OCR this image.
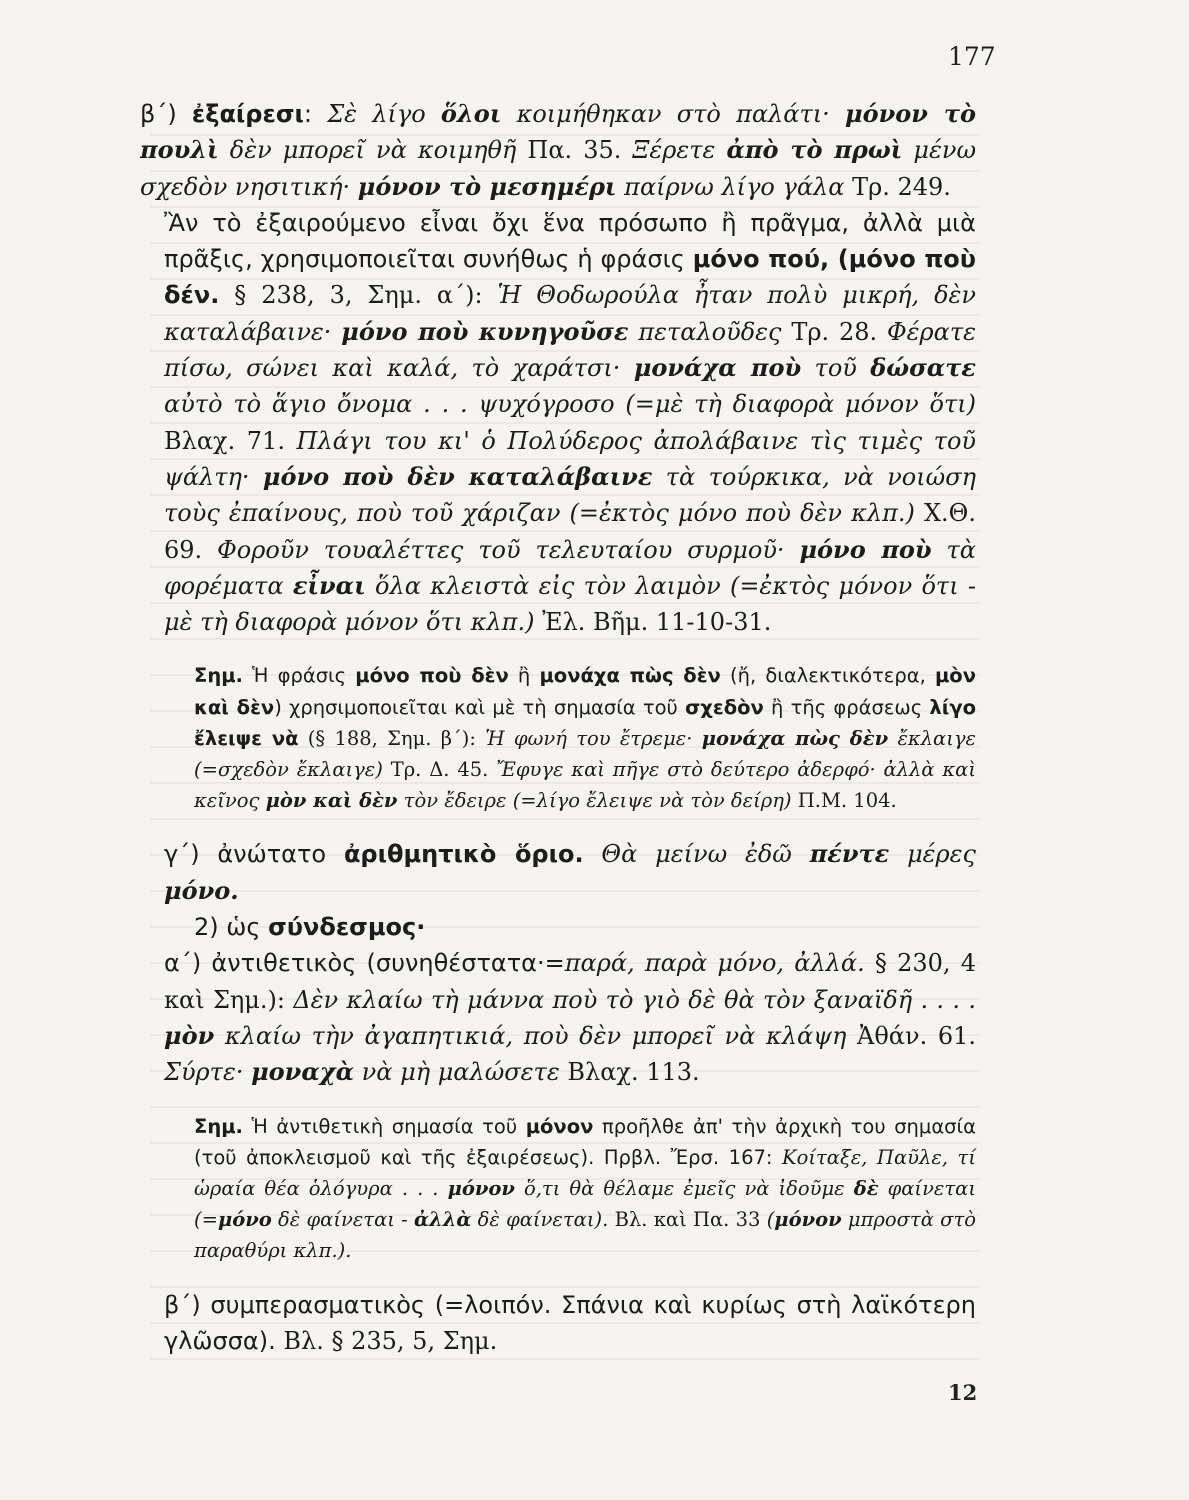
177

β΄) ἐξαίρεσι: Σὲ λίγο ὅλοι κοιμήθηκαν στὸ παλάτι· μόνον τὸ πουλὶ δὲν μπορεῖ νὰ κοιμηθῆ Πα. 35. Ξέρετε ἀπὸ τὸ πρωὶ μένω σχεδὸν νησιτική· μόνον τὸ μεσημέρι παίρνω λίγο γάλα Τρ. 249.

Ἂν τὸ ἐξαιρούμενο εἶναι ὄχι ἕνα πρόσωπο ἢ πρᾶγμα, ἀλλὰ μιὰ πρᾶξις, χρησιμοποιεῖται συνήθως ἡ φράσις μόνο πού, (μόνο ποὺ δέν. § 238, 3, Σημ. α΄): Ἡ Θοδωρούλα ἦταν πολὺ μικρή, δὲν καταλάβαινε· μόνο ποὺ κυνηγοῦσε πεταλοῦδες Τρ. 28. Φέρατε πίσω, σώνει καὶ καλά, τὸ χαράτσι· μονάχα ποὺ τοῦ δώσατε αὐτὸ τὸ ἅγιο ὄνομα . . . ψυχόγροσο (=μὲ τὴ διαφορὰ μόνον ὅτι) Βλαχ. 71. Πλάγι του κι' ὁ Πολύδερος ἀπολάβαινε τὶς τιμὲς τοῦ ψάλτη· μόνο ποὺ δὲν καταλάβαινε τὰ τούρκικα, νὰ νοιώση τοὺς ἐπαίνους, ποὺ τοῦ χάριζαν (=ἐκτὸς μόνο ποὺ δὲν κλπ.) Χ.Θ. 69. Φοροῦν τουαλέττες τοῦ τελευταίου συρμοῦ· μόνο ποὺ τὰ φορέματα εἶναι ὅλα κλειστὰ εἰς τὸν λαιμὸν (=ἐκτὸς μόνον ὅτι - μὲ τὴ διαφορὰ μόνον ὅτι κλπ.) Ἐλ. Βῆμ. 11-10-31.

Σημ. Ἡ φράσις μόνο ποὺ δὲν ἢ μονάχα πὼς δὲν (ἤ, διαλεκτικότερα, μὸν καὶ δὲν) χρησιμοποιεῖται καὶ μὲ τὴ σημασία τοῦ σχεδὸν ἢ τῆς φράσεως λίγο ἔλειψε νὰ (§ 188, Σημ. β΄): Ἡ φωνή του ἔτρεμε· μονάχα πὼς δὲν ἔκλαιγε (=σχεδὸν ἔκλαιγε) Τρ. Δ. 45. Ἔφυγε καὶ πῆγε στὸ δεύτερο ἀδερφό· ἀλλὰ καὶ κεῖνος μὸν καὶ δὲν τὸν ἔδειρε (=λίγο ἔλειψε νὰ τὸν δείρη) Π.Μ. 104.

γ΄) ἀνώτατο ἀριθμητικὸ ὅριο. Θὰ μείνω ἐδῶ πέντε μέρες μόνο.

2) ὡς σύνδεσμος·

α΄) ἀντιθετικὸς (συνηθέστατα·=παρά, παρὰ μόνο, ἀλλά. § 230, 4 καὶ Σημ.): Δὲν κλαίω τὴ μάννα ποὺ τὸ γιὸ δὲ θὰ τὸν ξαναϊδῆ . . . . μὸν κλαίω τὴν ἀγαπητικιά, ποὺ δὲν μπορεῖ νὰ κλάψη Ἀθάν. 61. Σύρτε· μοναχὰ νὰ μὴ μαλώσετε Βλαχ. 113.

Σημ. Ἡ ἀντιθετικὴ σημασία τοῦ μόνον προῆλθε ἀπ' τὴν ἀρχικὴ του σημασία (τοῦ ἀποκλεισμοῦ καὶ τῆς ἐξαιρέσεως). Πρβλ. Ἔρσ. 167: Κοίταξε, Παῦλε, τί ὡραία θέα ὁλόγυρα . . . μόνον ὅ,τι θὰ θέλαμε ἐμεῖς νὰ ἰδοῦμε δὲ φαίνεται (=μόνο δὲ φαίνεται - ἀλλὰ δὲ φαίνεται). Βλ. καὶ Πα. 33 (μόνον μπροστὰ στὸ παραθύρι κλπ.).

β΄) συμπερασματικὸς (=λοιπόν. Σπάνια καὶ κυρίως στὴ λαϊκότερη γλῶσσα). Βλ. § 235, 5, Σημ.

12
